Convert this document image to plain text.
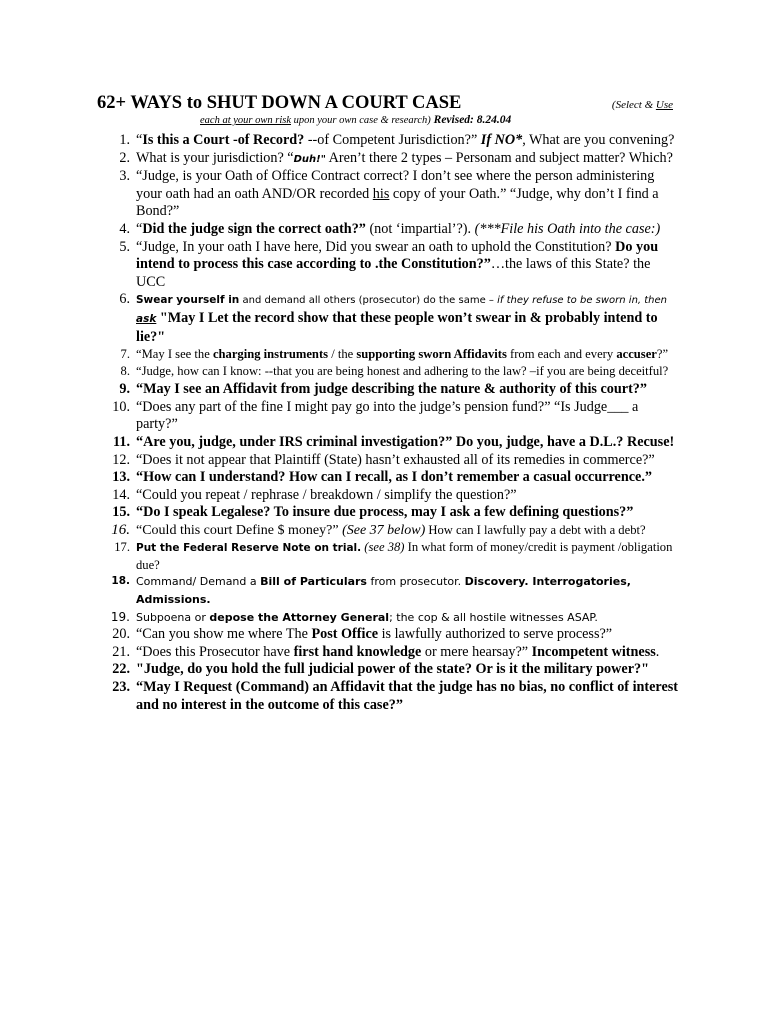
62+ WAYS to SHUT DOWN A COURT CASE	(Select & Use
each at your own risk upon your own case & research) Revised: 8.24.04
1. “Is this a Court -of Record? --of Competent Jurisdiction?” If NO*, What are you convening?
2. What is your jurisdiction? “Duh!" Aren’t there 2 types – Personam and subject matter? Which?
3. “Judge, is your Oath of Office Contract correct? I don’t see where the person administering your oath had an oath AND/OR recorded his copy of your Oath.” “Judge, why don’t I find a Bond?”
4. “Did the judge sign the correct oath?” (not ‘impartial’?). (***File his Oath into the case:)
5. “Judge, In your oath I have here, Did you swear an oath to uphold the Constitution? Do you intend to process this case according to .the Constitution?”…the laws of this State? the UCC
6. Swear yourself in and demand all others (prosecutor) do the same – if they refuse to be sworn in, then ask "May I Let the record show that these people won’t swear in & probably intend to lie?"
7. “May I see the charging instruments / the supporting sworn Affidavits from each and every accuser?”
8. “Judge, how can I know: --that you are being honest and adhering to the law? –if you are being deceitful?
9. “May I see an Affidavit from judge describing the nature & authority of this court?”
10. “Does any part of the fine I might pay go into the judge’s pension fund?” “Is Judge___ a party?”
11. “Are you, judge, under IRS criminal investigation?” Do you, judge, have a D.L.? Recuse!
12. “Does it not appear that Plaintiff (State) hasn’t exhausted all of its remedies in commerce?”
13. “How can I understand? How can I recall, as I don’t remember a casual occurrence.”
14. “Could you repeat / rephrase / breakdown / simplify the question?”
15. “Do I speak Legalese? To insure due process, may I ask a few defining questions?”
16. “Could this court Define $ money?” (See 37 below) How can I lawfully pay a debt with a debt?
17. Put the Federal Reserve Note on trial. (see 38) In what form of money/credit is payment /obligation due?
18. Command/ Demand a Bill of Particulars from prosecutor. Discovery. Interrogatories, Admissions.
19. Subpoena or depose the Attorney General; the cop & all hostile witnesses ASAP.
20. “Can you show me where The Post Office is lawfully authorized to serve process?”
21. “Does this Prosecutor have first hand knowledge or mere hearsay?” Incompetent witness.
22. "Judge, do you hold the full judicial power of the state? Or is it the military power?"
23. “May I Request (Command) an Affidavit that the judge has no bias, no conflict of interest and no interest in the outcome of this case?”
